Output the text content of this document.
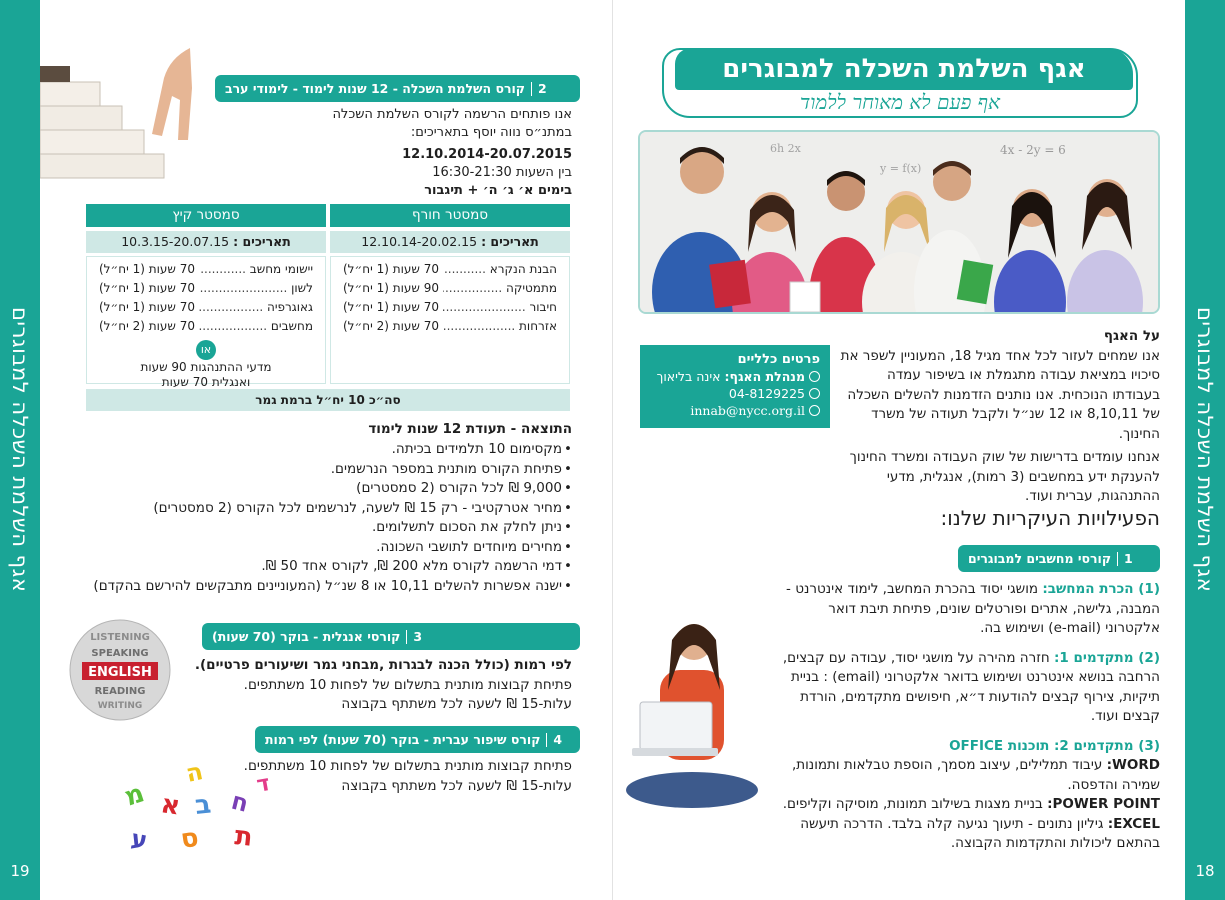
אגף השלמת השכלה למבוגרים
19
אגף השלמת השכלה למבוגרים
18
אגף השלמת השכלה למבוגרים
אף פעם לא מאוחר ללמוד
4x - 2y = 6
6h 2x
y = f(x)
פרטים כלליים
מנהלת האגף: אינה בליאוך
04-8129225
innab@nycc.org.il
על האגף
אנו שמחים לעזור לכל אחד מגיל 18, המעוניין לשפר את סיכויו במציאת עבודה מתגמלת או בשיפור עמדה בעבודתו הנוכחית. אנו נותנים הזדמנות להשלים השכלה של 8,10,11 או 12 שנ״ל ולקבל תעודה של משרד החינוך.
אנחנו עומדים בדרישות של שוק העבודה ומשרד החינוך להענקת ידע במחשבים (3 רמות), אנגלית, מדעי ההתנהגות, עברית ועוד.
הפעילויות העיקריות שלנו:
1
קורסי מחשבים למבוגרים
(1) הכרת המחשב: מושגי יסוד בהכרת המחשב, לימוד אינטרנט - המבנה, גלישה, אתרים ופורטלים שונים, פתיחת תיבת דואר אלקטרוני (e-mail) ושימוש בה.
(2) מתקדמים 1: חזרה מהירה על מושגי יסוד, עבודה עם קבצים, הרחבה בנושא אינטרנט ושימוש בדואר אלקטרוני (email) : בניית תיקיות, צירוף קבצים להודעות ד״א, חיפושים מתקדמים, הורדת קבצים ועוד.
(3) מתקדמים 2: תוכנות OFFICE
WORD: עיבוד תמלילים, עיצוב מסמך, הוספת טבלאות ותמונות, שמירה והדפסה.
POWER POINT: בניית מצגות בשילוב תמונות, מוסיקה וקליפים.
EXCEL: גיליון נתונים - תיעוך נגיעה קלה בלבד. הדרכה תיעשה בהתאם ליכולות והתקדמות הקבוצה.
2
קורס השלמת השכלה - 12 שנות לימוד - לימודי ערב
אנו פותחים הרשמה לקורס השלמת השכלה במתנ״ס נווה יוסף בתאריכים:
12.10.2014-20.07.2015
בין השעות 16:30-21:30
בימים א׳ ג׳ ה׳ + תיגבור
סמסטר חורף
סמסטר קיץ
תאריכים : 12.10.14-20.02.15
תאריכים : 10.3.15-20.07.15
הבנת הנקרא .....
70 שעות (1 יח״ל)
מתמטיקה .....
90 שעות (1 יח״ל)
חיבור .....
70 שעות (1 יח״ל)
אזרחות .....
70 שעות (2 יח״ל)
יישומי מחשב .....
70 שעות (1 יח״ל)
לשון .....
70 שעות (1 יח״ל)
גאוגרפיה .....
70 שעות (1 יח״ל)
מחשבים .....
70 שעות (2 יח״ל)
או
מדעי ההתנהגות 90 שעות
ואנגלית 70 שעות
סה״כ 10 יח״ל ברמת גמר
התוצאה - תעודת 12 שנות לימוד
• מקסימום 10 תלמידים בכיתה.
• פתיחת הקורס מותנית במספר הנרשמים.
• 9,000 ₪ לכל הקורס (2 סמסטרים)
• מחיר אטרקטיבי - רק 15 ₪ לשעה, לנרשמים לכל הקורס (2 סמסטרים)
• ניתן לחלק את הסכום לתשלומים.
• מחירים מיוחדים לתושבי השכונה.
• דמי הרשמה לקורס מלא 200 ₪, לקורס אחד 50 ₪.
• ישנה אפשרות להשלים 10,11 או 8 שנ״ל (המעוניינים מתבקשים להירשם בהקדם)
3
קורסי אנגלית - בוקר (70 שעות)
לפי רמות (כולל הכנה לבגרות ,מבחני גמר ושיעורים פרטיים).
פתיחת קבוצות מותנית בתשלום של לפחות 10 משתתפים.
עלות-15 ₪ לשעה לכל משתתף בקבוצה
LISTENING
SPEAKING
ENGLISH
READING
WRITING
4
קורס שיפור עברית - בוקר (70 שעות) לפי רמות
פתיחת קבוצות מותנית בתשלום של לפחות 10 משתתפים.
עלות-15 ₪ לשעה לכל משתתף בקבוצה
ה
מ א ב ח
ע ס ת
ד
